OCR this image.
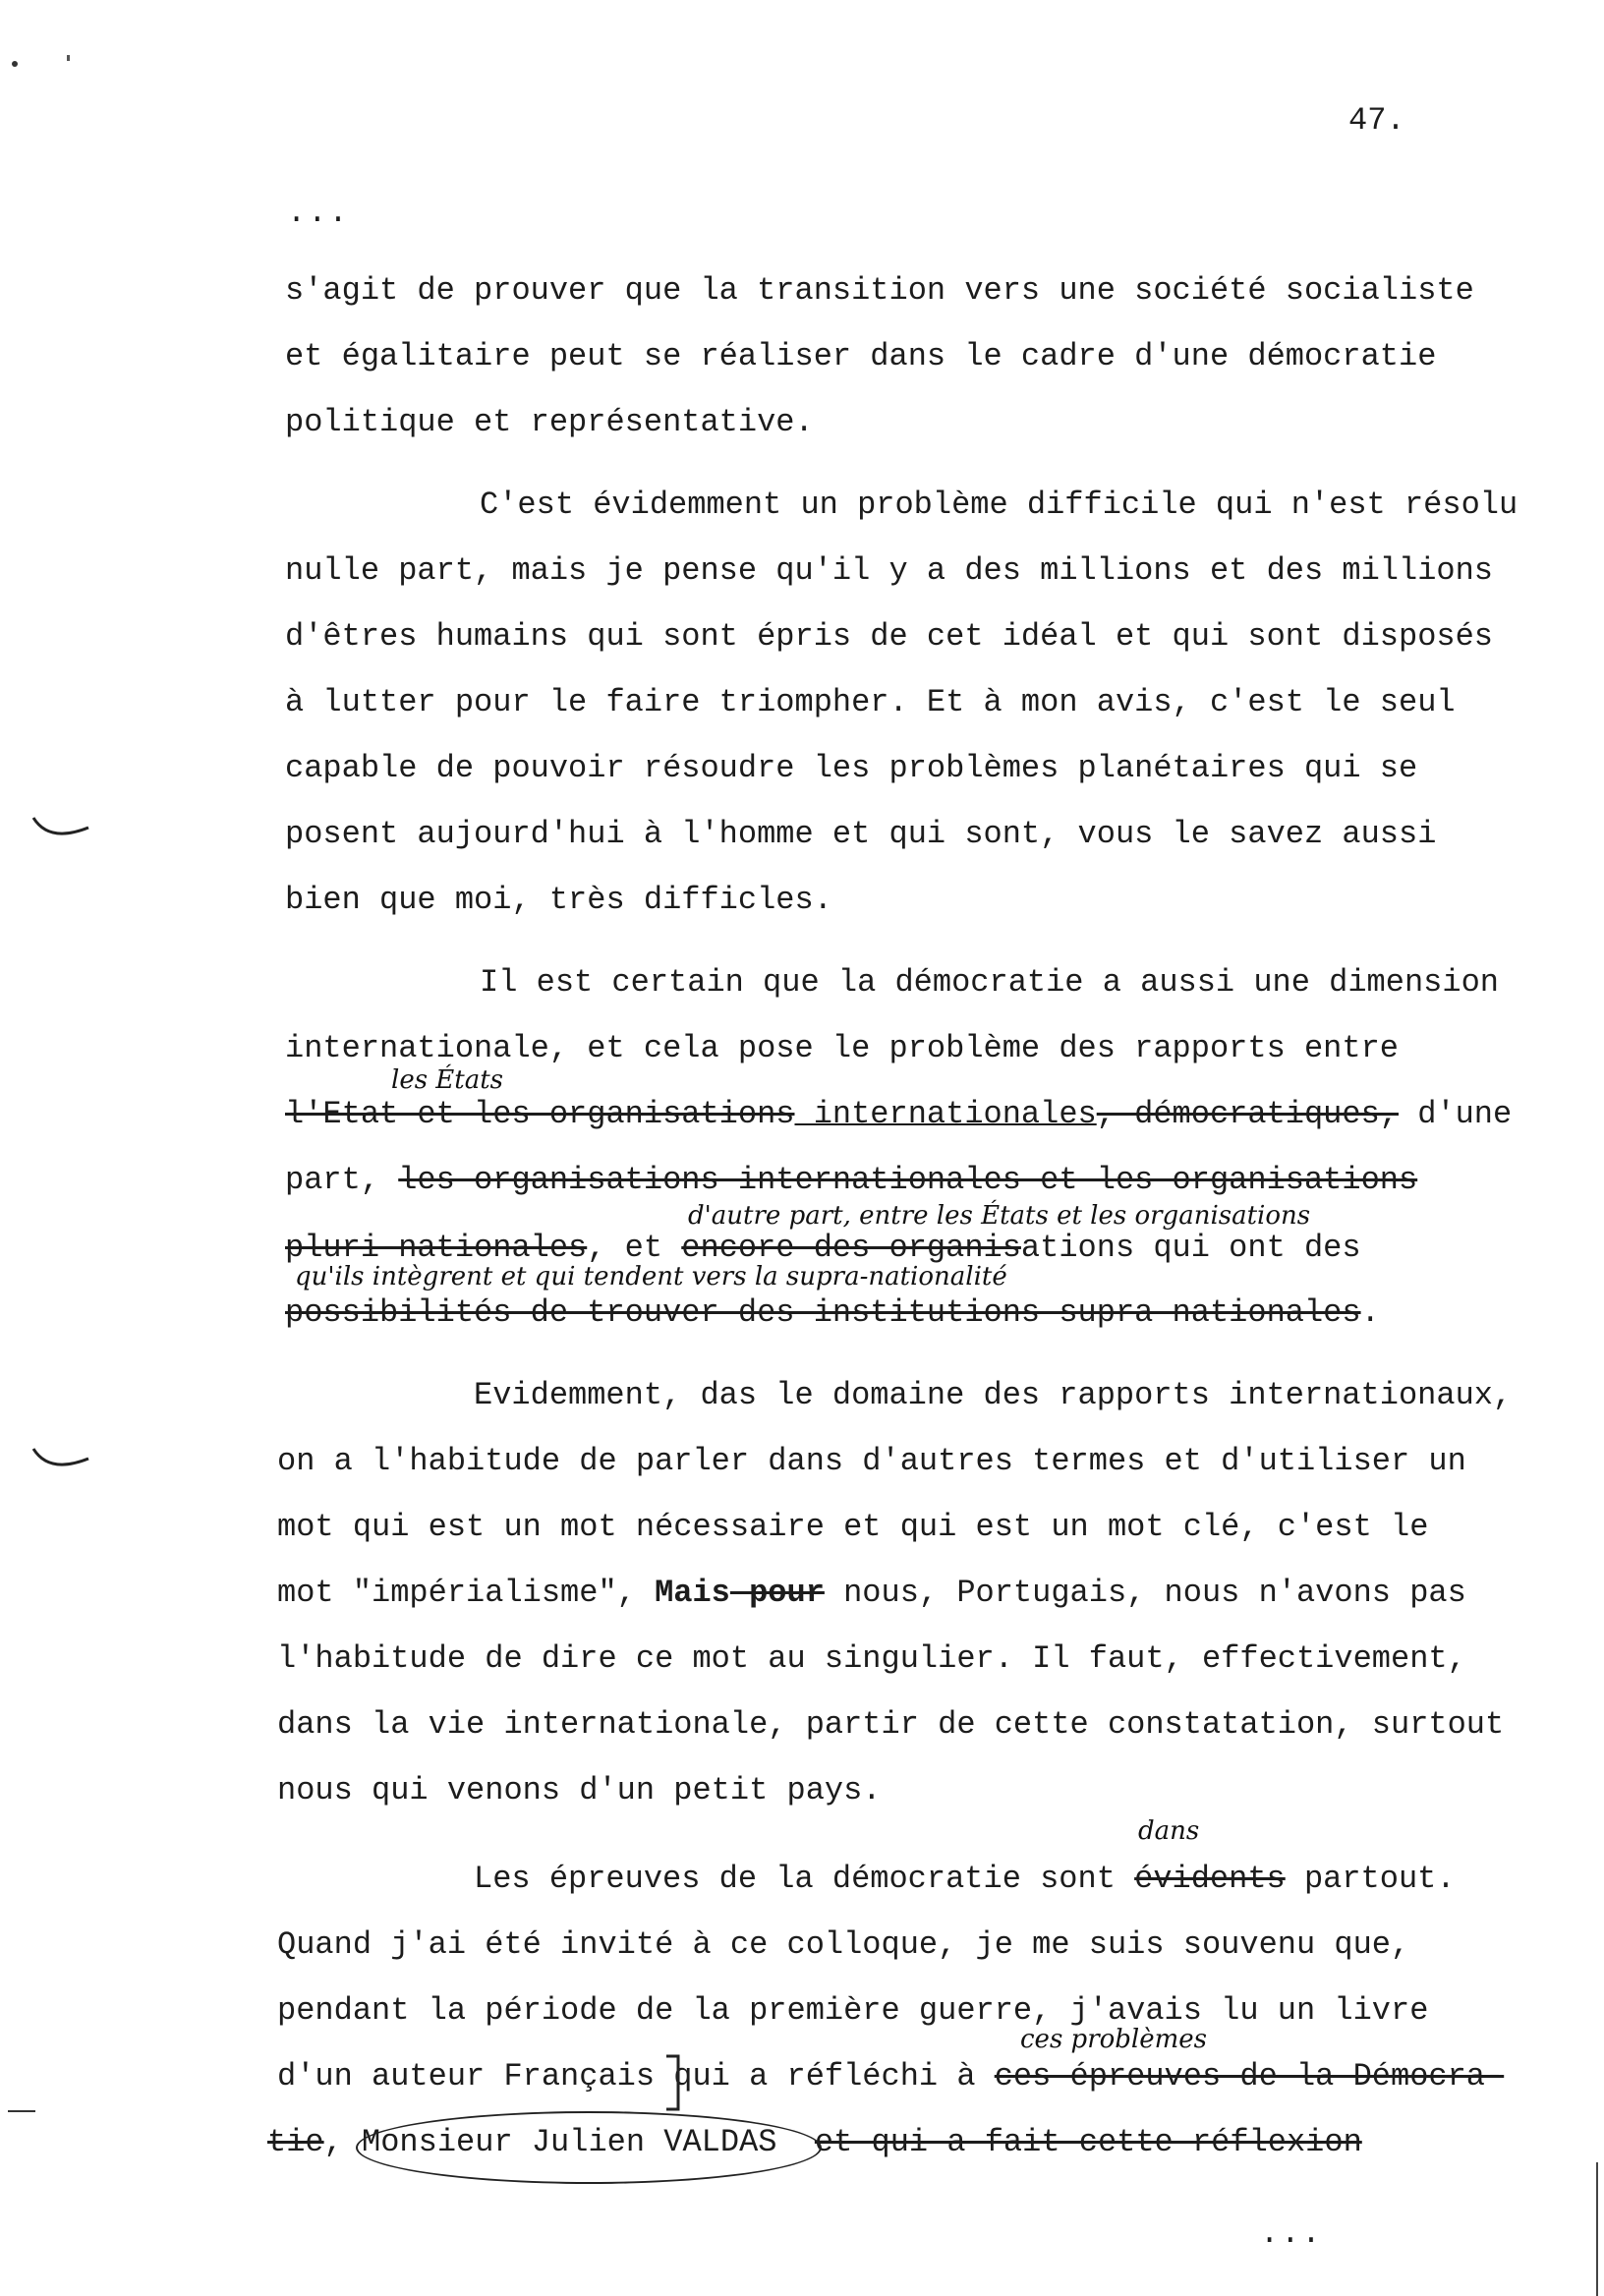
47.
...
s'agit de prouver que la transition vers une société socialiste
et égalitaire peut se réaliser dans le cadre d'une démocratie
politique et représentative.
C'est évidemment un problème difficile qui n'est résolu
nulle part, mais je pense qu'il y a des millions et des millions
d'êtres humains qui sont épris de cet idéal et qui sont disposés
à lutter pour le faire triompher. Et à mon avis, c'est le seul
capable de pouvoir résoudre les problèmes planétaires qui se
posent aujourd'hui à l'homme et qui sont, vous le savez aussi
bien que moi, très difficles.
Il est certain que la démocratie a aussi une dimension
internationale, et cela pose le problème des rapports entre
les États
l'Etat et les organisations internationales, démocratiques, d'une
part, les organisations internationales et les organisations
d'autre part, entre les États et les organisations
pluri-nationales, et encore des organisations qui ont des
qu'ils intègrent et qui tendent vers la supra-nationalité
possibilités de trouver des institutions supra-nationales.
Evidemment, das le domaine des rapports internationaux,
on a l'habitude de parler dans d'autres termes et d'utiliser un
mot qui est un mot nécessaire et qui est un mot clé, c'est le
mot "impérialisme", Mais pour nous, Portugais, nous n'avons pas
l'habitude de dire ce mot au singulier. Il faut, effectivement,
dans la vie internationale, partir de cette constatation, surtout
nous qui venons d'un petit pays.
dans
Les épreuves de la démocratie sont évidents partout.
Quand j'ai été invité à ce colloque, je me suis souvenu que,
pendant la période de la première guerre, j'avais lu un livre
ces problèmes
d'un auteur Français qui a réfléchi à ces épreuves de la Démocra-
tie, Monsieur Julien VALDAS et qui a fait cette réflexion
...
